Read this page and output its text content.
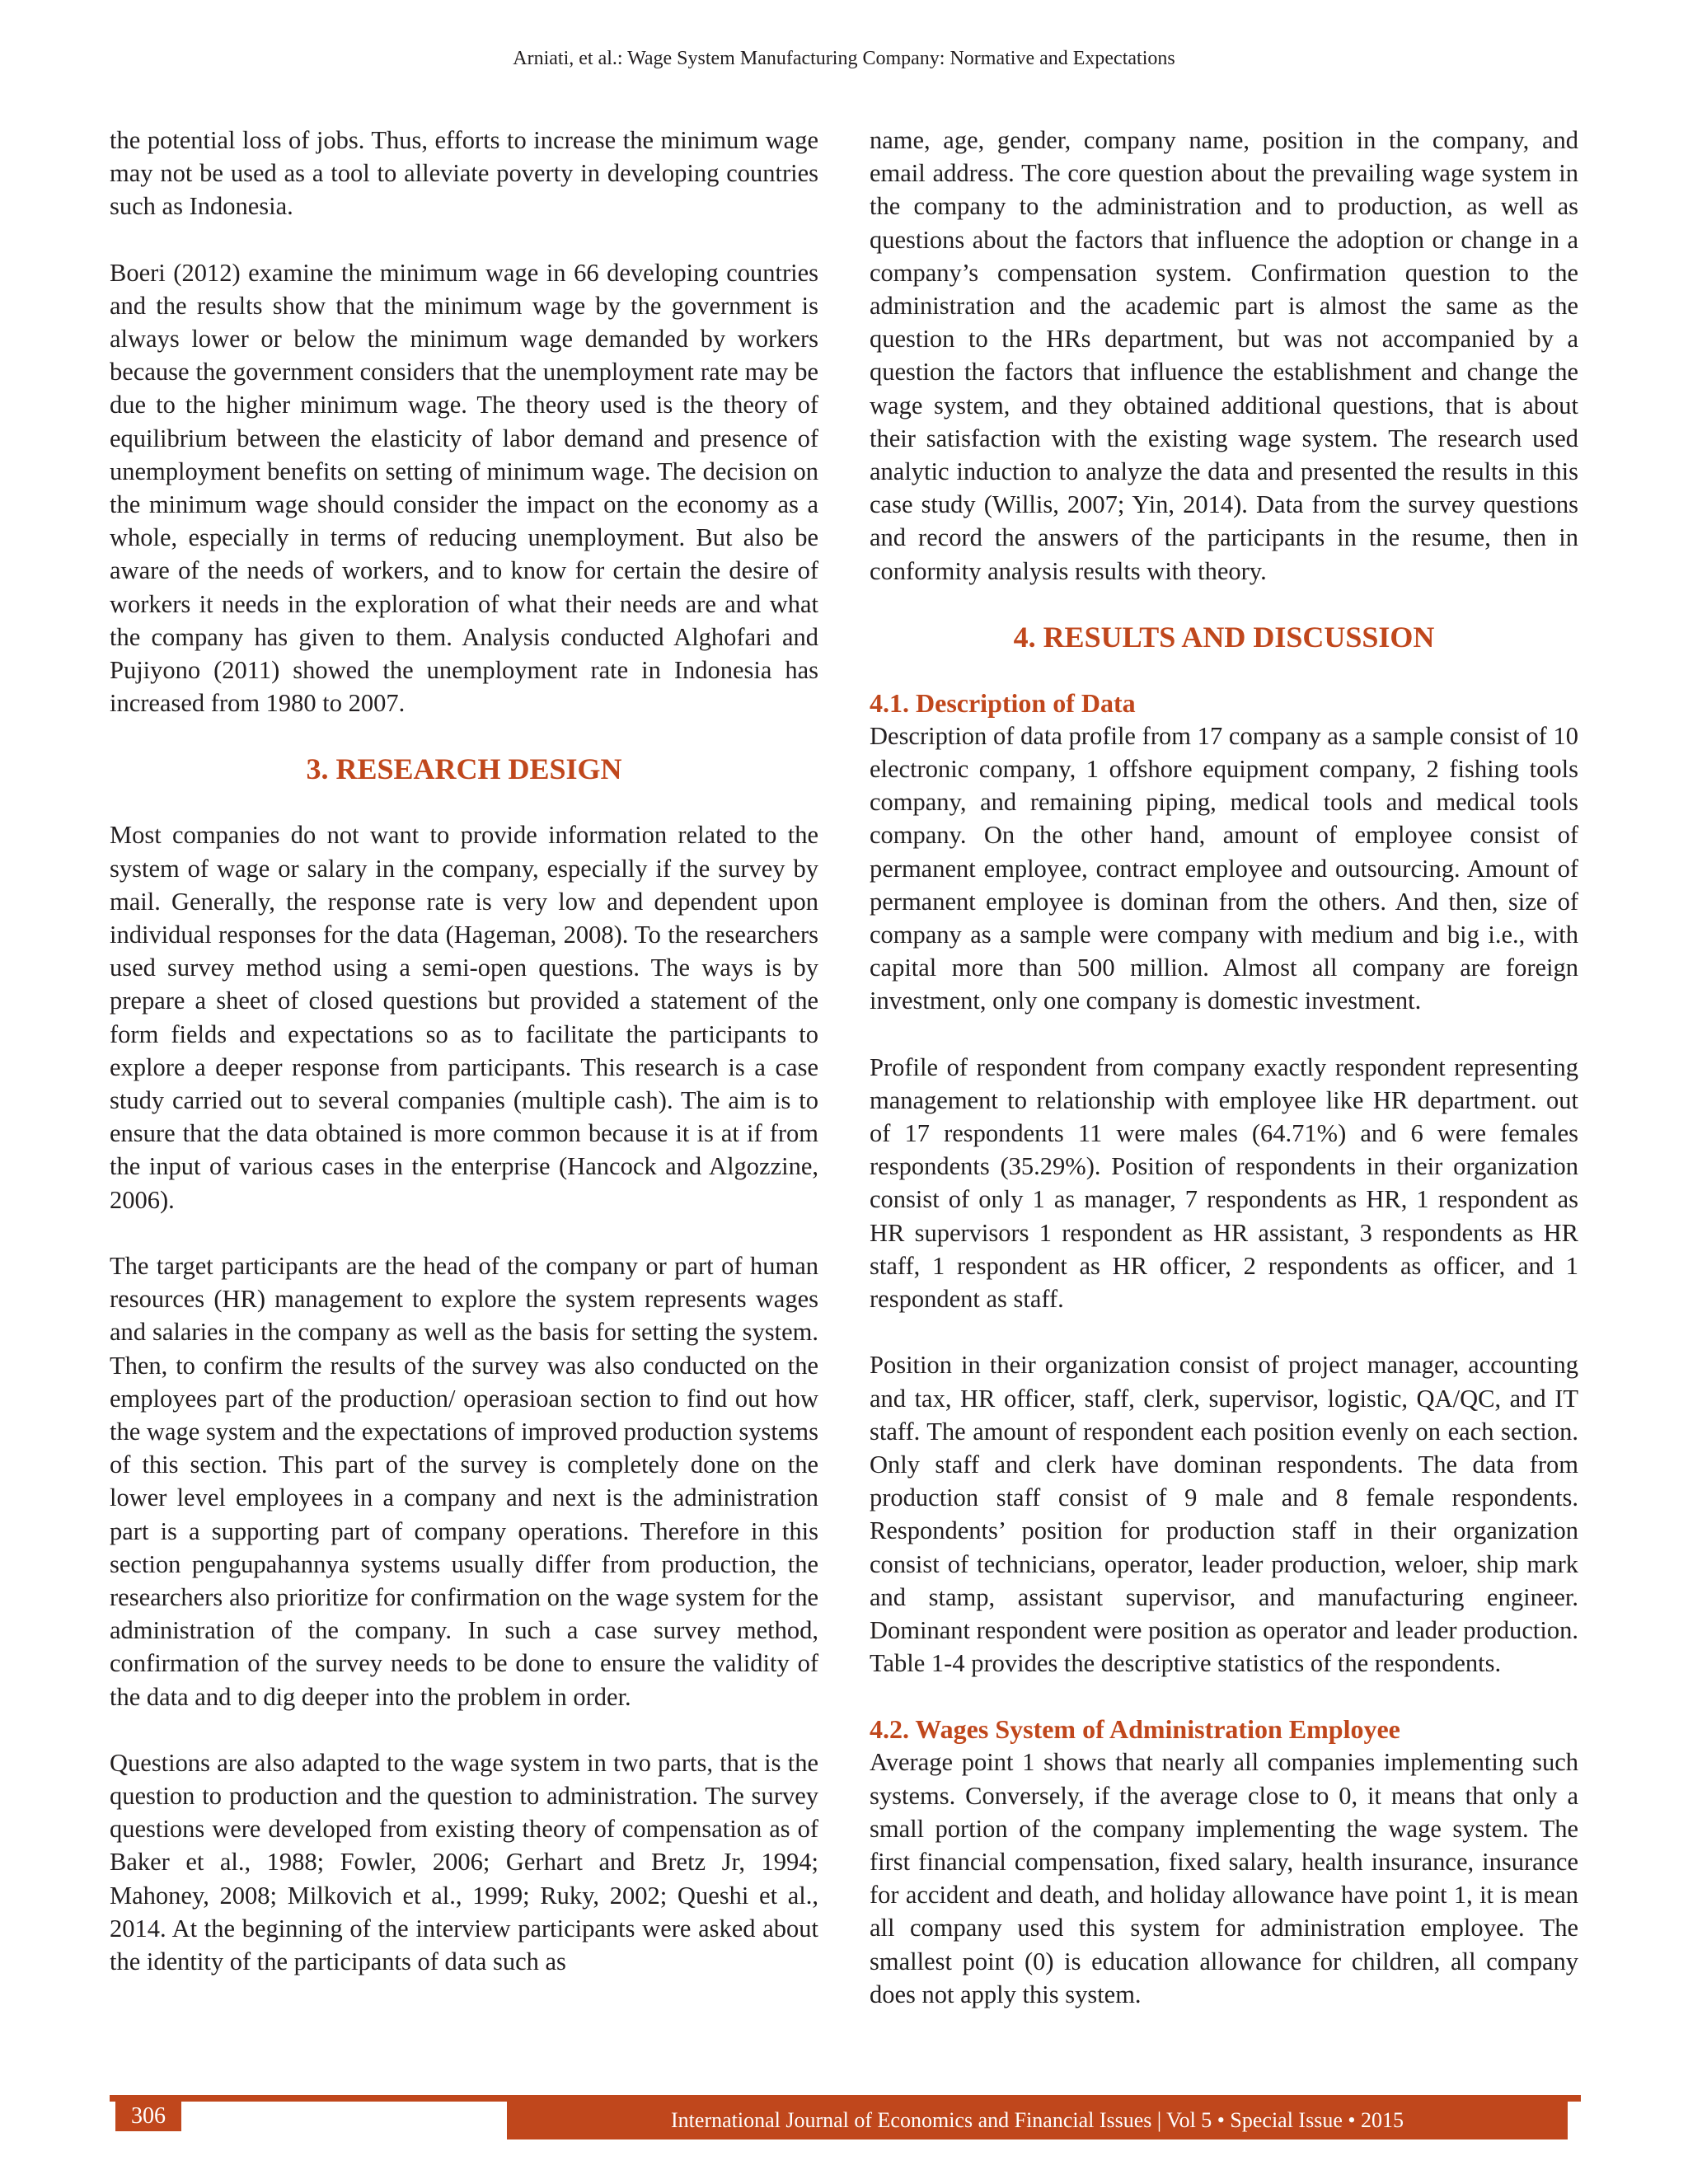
Arniati, et al.: Wage System Manufacturing Company: Normative and Expectations

the potential loss of jobs. Thus, efforts to increase the minimum wage may not be used as a tool to alleviate poverty in developing countries such as Indonesia.

Boeri (2012) examine the minimum wage in 66 developing countries and the results show that the minimum wage by the government is always lower or below the minimum wage demanded by workers because the government considers that the unemployment rate may be due to the higher minimum wage. The theory used is the theory of equilibrium between the elasticity of labor demand and presence of unemployment benefits on setting of minimum wage. The decision on the minimum wage should consider the impact on the economy as a whole, especially in terms of reducing unemployment. But also be aware of the needs of workers, and to know for certain the desire of workers it needs in the exploration of what their needs are and what the company has given to them. Analysis conducted Alghofari and Pujiyono (2011) showed the unemployment rate in Indonesia has increased from 1980 to 2007.

3. RESEARCH DESIGN

Most companies do not want to provide information related to the system of wage or salary in the company, especially if the survey by mail. Generally, the response rate is very low and dependent upon individual responses for the data (Hageman, 2008). To the researchers used survey method using a semi-open questions. The ways is by prepare a sheet of closed questions but provided a statement of the form fields and expectations so as to facilitate the participants to explore a deeper response from participants. This research is a case study carried out to several companies (multiple cash). The aim is to ensure that the data obtained is more common because it is at if from the input of various cases in the enterprise (Hancock and Algozzine, 2006).

The target participants are the head of the company or part of human resources (HR) management to explore the system represents wages and salaries in the company as well as the basis for setting the system. Then, to confirm the results of the survey was also conducted on the employees part of the production/ operasioan section to find out how the wage system and the expectations of improved production systems of this section. This part of the survey is completely done on the lower level employees in a company and next is the administration part is a supporting part of company operations. Therefore in this section pengupahannya systems usually differ from production, the researchers also prioritize for confirmation on the wage system for the administration of the company. In such a case survey method, confirmation of the survey needs to be done to ensure the validity of the data and to dig deeper into the problem in order.

Questions are also adapted to the wage system in two parts, that is the question to production and the question to administration. The survey questions were developed from existing theory of compensation as of Baker et al., 1988; Fowler, 2006; Gerhart and Bretz Jr, 1994; Mahoney, 2008; Milkovich et al., 1999; Ruky, 2002; Queshi et al., 2014. At the beginning of the interview participants were asked about the identity of the participants of data such as

name, age, gender, company name, position in the company, and email address. The core question about the prevailing wage system in the company to the administration and to production, as well as questions about the factors that influence the adoption or change in a company’s compensation system. Confirmation question to the administration and the academic part is almost the same as the question to the HRs department, but was not accompanied by a question the factors that influence the establishment and change the wage system, and they obtained additional questions, that is about their satisfaction with the existing wage system. The research used analytic induction to analyze the data and presented the results in this case study (Willis, 2007; Yin, 2014). Data from the survey questions and record the answers of the participants in the resume, then in conformity analysis results with theory.

4. RESULTS AND DISCUSSION
4.1. Description of Data

Description of data profile from 17 company as a sample consist of 10 electronic company, 1 offshore equipment company, 2 fishing tools company, and remaining piping, medical tools and medical tools company. On the other hand, amount of employee consist of permanent employee, contract employee and outsourcing. Amount of permanent employee is dominan from the others. And then, size of company as a sample were company with medium and big i.e., with capital more than 500 million. Almost all company are foreign investment, only one company is domestic investment.

Profile of respondent from company exactly respondent representing management to relationship with employee like HR department. out of 17 respondents 11 were males (64.71%) and 6 were females respondents (35.29%). Position of respondents in their organization consist of only 1 as manager, 7 respondents as HR, 1 respondent as HR supervisors 1 respondent as HR assistant, 3 respondents as HR staff, 1 respondent as HR officer, 2 respondents as officer, and 1 respondent as staff.

Position in their organization consist of project manager, accounting and tax, HR officer, staff, clerk, supervisor, logistic, QA/QC, and IT staff. The amount of respondent each position evenly on each section. Only staff and clerk have dominan respondents. The data from production staff consist of 9 male and 8 female respondents. Respondents’ position for production staff in their organization consist of technicians, operator, leader production, weloer, ship mark and stamp, assistant supervisor, and manufacturing engineer. Dominant respondent were position as operator and leader production. Table 1-4 provides the descriptive statistics of the respondents.

4.2. Wages System of Administration Employee

Average point 1 shows that nearly all companies implementing such systems. Conversely, if the average close to 0, it means that only a small portion of the company implementing the wage system. The first financial compensation, fixed salary, health insurance, insurance for accident and death, and holiday allowance have point 1, it is mean all company used this system for administration employee. The smallest point (0) is education allowance for children, all company does not apply this system.

306	International Journal of Economics and Financial Issues | Vol 5 • Special Issue • 2015
